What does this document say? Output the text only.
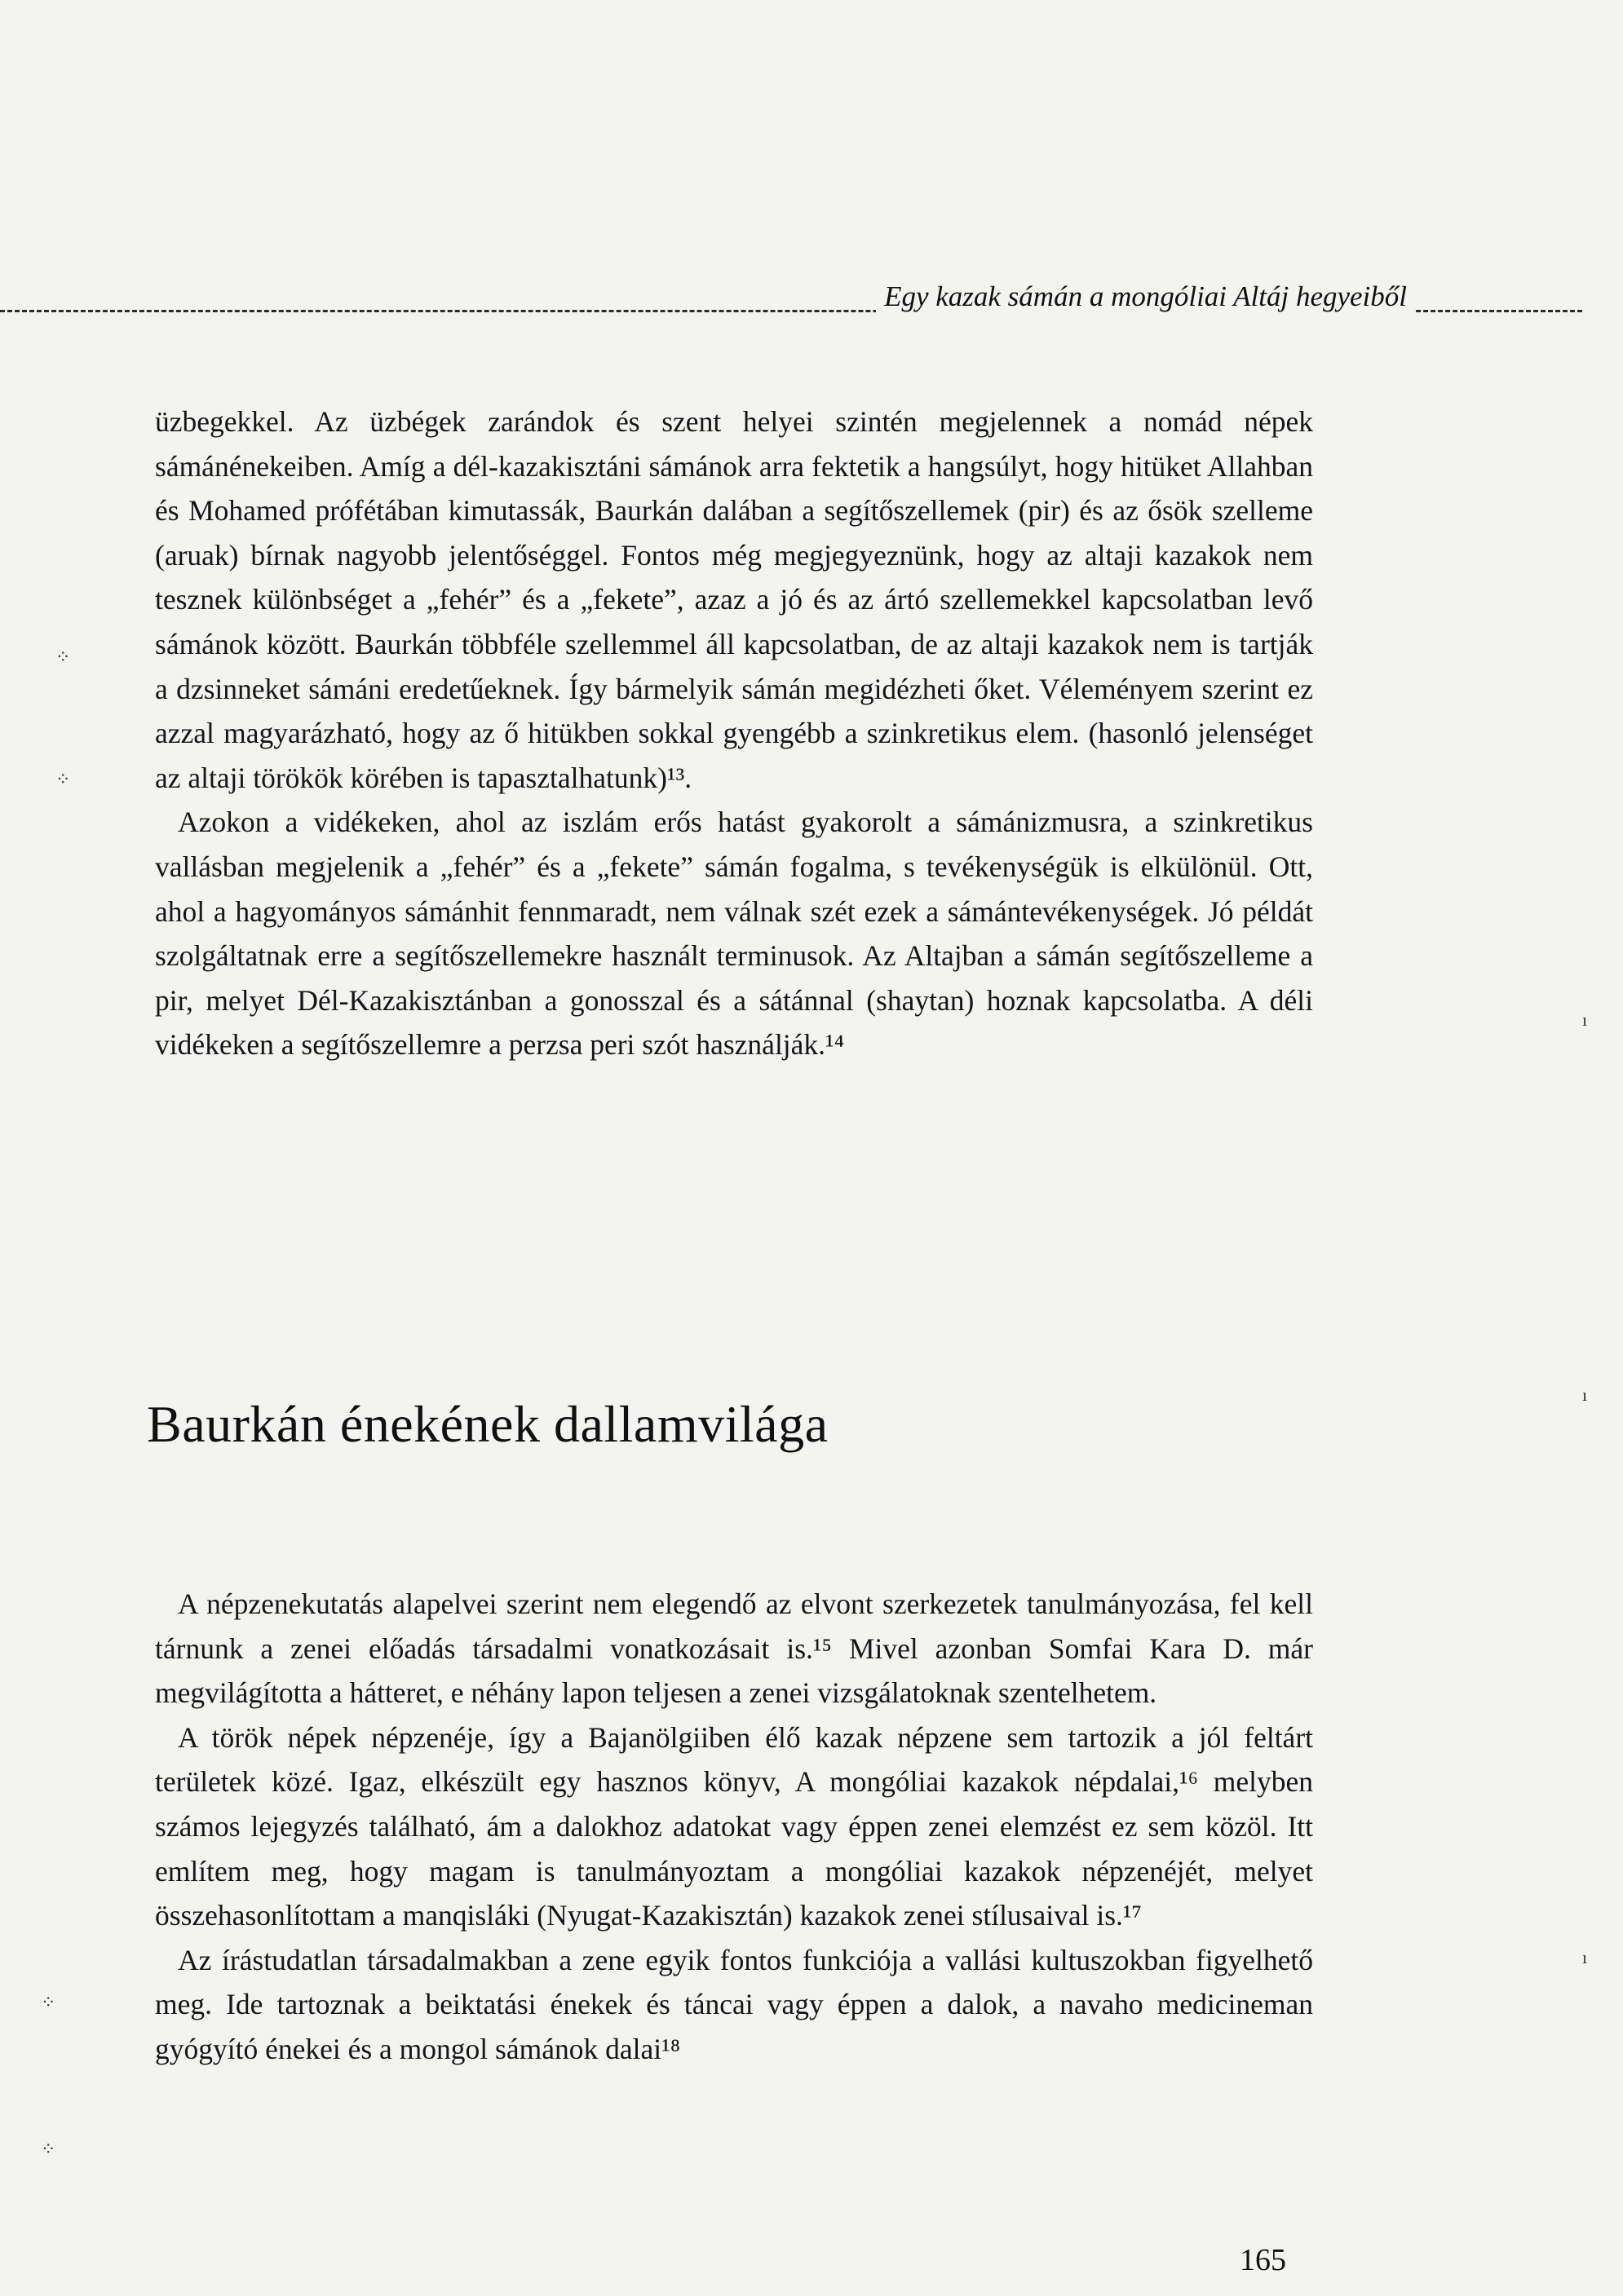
Egy kazak sámán a mongóliai Altáj hegyeiből

üzbegekkel. Az üzbégek zarándok és szent helyei szintén megjelennek a nomád népek sámánénekeiben. Amíg a dél-kazakisztáni sámánok arra fektetik a hangsúlyt, hogy hitüket Allahban és Mohamed prófétában kimutassák, Baurkán dalában a segítőszellemek (pir) és az ősök szelleme (aruak) bírnak nagyobb jelentőséggel. Fontos még megjegyeznünk, hogy az altaji kazakok nem tesznek különbséget a „fehér” és a „fekete”, azaz a jó és az ártó szellemekkel kapcsolatban levő sámánok között. Baurkán többféle szellemmel áll kapcsolatban, de az altaji kazakok nem is tartják a dzsinneket sámáni eredetűeknek. Így bármelyik sámán megidézheti őket. Véleményem szerint ez azzal magyarázható, hogy az ő hitükben sokkal gyengébb a szinkretikus elem. (hasonló jelenséget az altaji törökök körében is tapasztalhatunk)¹³.

Azokon a vidékeken, ahol az iszlám erős hatást gyakorolt a sámánizmusra, a szinkretikus vallásban megjelenik a „fehér” és a „fekete” sámán fogalma, s tevékenységük is elkülönül. Ott, ahol a hagyományos sámánhit fennmaradt, nem válnak szét ezek a sámántevékenységek. Jó példát szolgáltatnak erre a segítőszellemekre használt terminusok. Az Altajban a sámán segítőszelleme a pir, melyet Dél-Kazakisztánban a gonosszal és a sátánnal (shaytan) hoznak kapcsolatba. A déli vidékeken a segítőszellemre a perzsa peri szót használják.¹⁴

Baurkán énekének dallamvilága

A népzenekutatás alapelvei szerint nem elegendő az elvont szerkezetek tanulmányozása, fel kell tárnunk a zenei előadás társadalmi vonatkozásait is.¹⁵ Mivel azonban Somfai Kara D. már megvilágította a hátteret, e néhány lapon teljesen a zenei vizsgálatoknak szentelhetem.

A török népek népzenéje, így a Bajanölgiiben élő kazak népzene sem tartozik a jól feltárt területek közé. Igaz, elkészült egy hasznos könyv, A mongóliai kazakok népdalai,¹⁶ melyben számos lejegyzés található, ám a dalokhoz adatokat vagy éppen zenei elemzést ez sem közöl. Itt említem meg, hogy magam is tanulmányoztam a mongóliai kazakok népzenéjét, melyet összehasonlítottam a manqisláki (Nyugat-Kazakisztán) kazakok zenei stílusaival is.¹⁷

Az írástudatlan társadalmakban a zene egyik fontos funkciója a vallási kultuszokban figyelhető meg. Ide tartoznak a beiktatási énekek és táncai vagy éppen a dalok, a navaho medicineman gyógyító énekei és a mongol sámánok dalai¹⁸

⁘
⁘
⁘
⁘
ı
ı
ı
165
